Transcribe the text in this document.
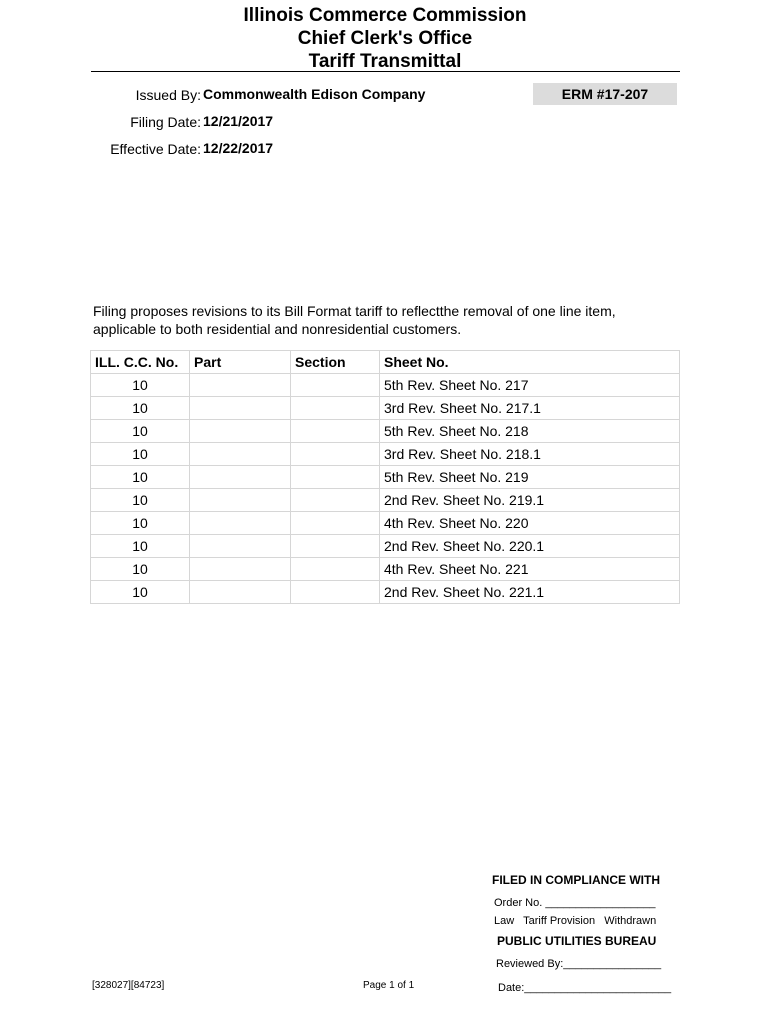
Illinois Commerce Commission
Chief Clerk's Office
Tariff Transmittal
Issued By: Commonwealth Edison Company	ERM #17-207
Filing Date: 12/21/2017
Effective Date: 12/22/2017
Filing proposes revisions to its Bill Format tariff to reflectthe removal of one line item,
applicable to both residential and nonresidential customers.
ILL. C.C. No.	Part	Section	Sheet No.
10			5th Rev. Sheet No. 217
10			3rd Rev. Sheet No. 217.1
10			5th Rev. Sheet No. 218
10			3rd Rev. Sheet No. 218.1
10			5th Rev. Sheet No. 219
10			2nd Rev. Sheet No. 219.1
10			4th Rev. Sheet No. 220
10			2nd Rev. Sheet No. 220.1
10			4th Rev. Sheet No. 221
10			2nd Rev. Sheet No. 221.1
FILED IN COMPLIANCE WITH
Order No. __________________
Law   Tariff Provision   Withdrawn
PUBLIC UTILITIES BUREAU
Reviewed By:________________
Date:________________________
[328027][84723]	Page 1 of 1
